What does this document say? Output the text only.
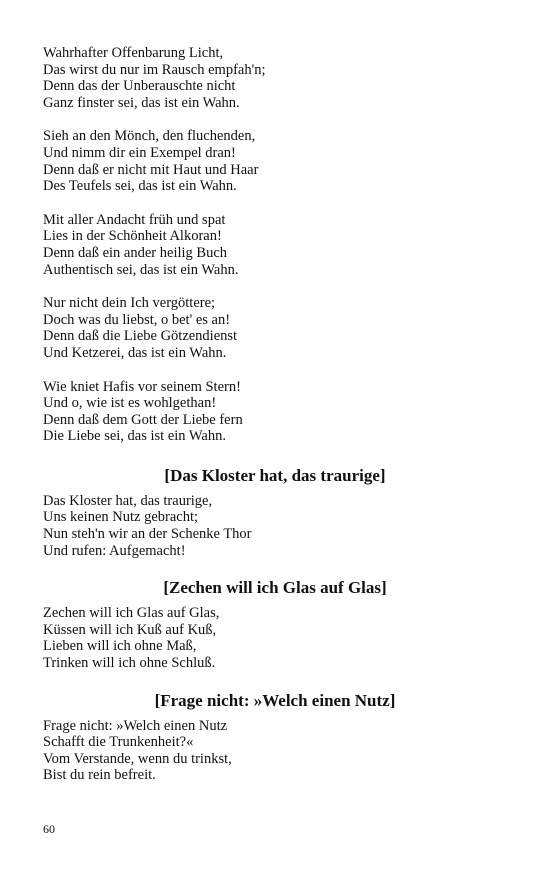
Wahrhafter Offenbarung Licht,
Das wirst du nur im Rausch empfah'n;
Denn das der Unberauschte nicht
Ganz finster sei, das ist ein Wahn.
Sieh an den Mönch, den fluchenden,
Und nimm dir ein Exempel dran!
Denn daß er nicht mit Haut und Haar
Des Teufels sei, das ist ein Wahn.
Mit aller Andacht früh und spat
Lies in der Schönheit Alkoran!
Denn daß ein ander heilig Buch
Authentisch sei, das ist ein Wahn.
Nur nicht dein Ich vergöttere;
Doch was du liebst, o bet' es an!
Denn daß die Liebe Götzendienst
Und Ketzerei, das ist ein Wahn.
Wie kniet Hafis vor seinem Stern!
Und o, wie ist es wohlgethan!
Denn daß dem Gott der Liebe fern
Die Liebe sei, das ist ein Wahn.
[Das Kloster hat, das traurige]
Das Kloster hat, das traurige,
Uns keinen Nutz gebracht;
Nun steh'n wir an der Schenke Thor
Und rufen: Aufgemacht!
[Zechen will ich Glas auf Glas]
Zechen will ich Glas auf Glas,
Küssen will ich Kuß auf Kuß,
Lieben will ich ohne Maß,
Trinken will ich ohne Schluß.
[Frage nicht: »Welch einen Nutz]
Frage nicht: »Welch einen Nutz
Schafft die Trunkenheit?«
Vom Verstande, wenn du trinkst,
Bist du rein befreit.
60
